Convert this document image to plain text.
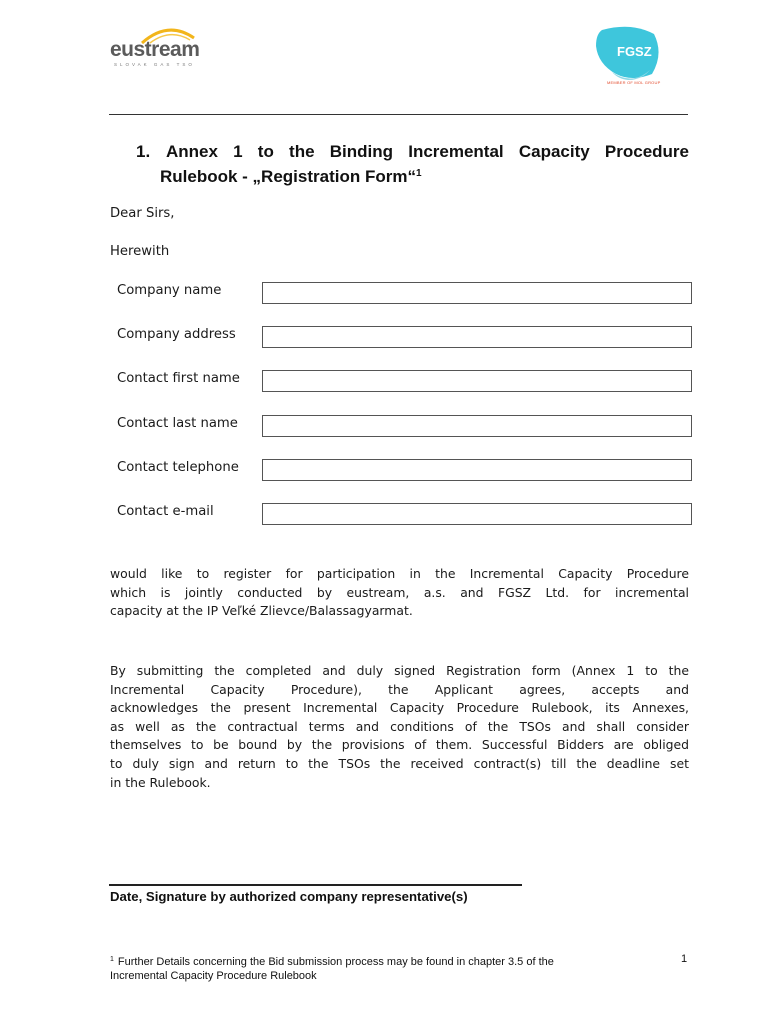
eustream
SLOVAK GAS TSO
FGSZ
MEMBER OF MOL GROUP
1. Annex 1 to the Binding Incremental Capacity Procedure
Rulebook - „Registration Form“$^1$
Dear Sirs,
Herewith
Company name
Company address
Contact first name
Contact last name
Contact telephone
Contact e-mail
would like to register for participation in the Incremental Capacity Procedure
which is jointly conducted by eustream, a.s. and FGSZ Ltd. for incremental
capacity at the IP Veľké Zlievce/Balassagyarmat.
By submitting the completed and duly signed Registration form (Annex 1 to the
Incremental Capacity Procedure), the Applicant agrees, accepts and
acknowledges the present Incremental Capacity Procedure Rulebook, its Annexes,
as well as the contractual terms and conditions of the TSOs and shall consider
themselves to be bound by the provisions of them. Successful Bidders are obliged
to duly sign and return to the TSOs the received contract(s) till the deadline set
in the Rulebook.
Date, Signature by authorized company representative(s)
$^1$ Further Details concerning the Bid submission process may be found in chapter 3.5 of the
Incremental Capacity Procedure Rulebook
1
